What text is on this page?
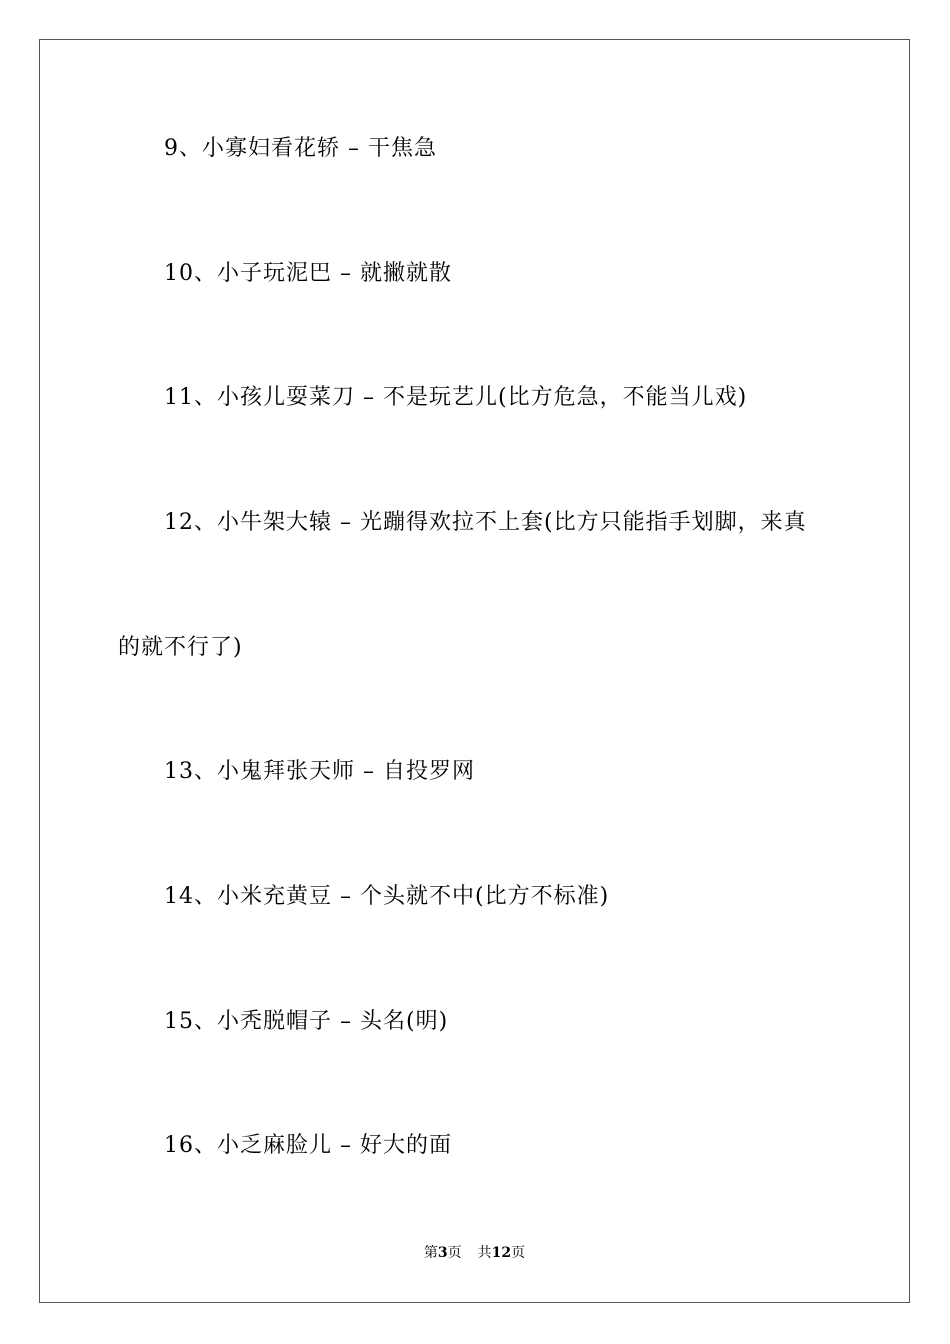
9、小寡妇看花轿 – 干焦急
10、小子玩泥巴 – 就撇就散
11、小孩儿耍菜刀 – 不是玩艺儿(比方危急，不能当儿戏)
12、小牛架大辕 – 光蹦得欢拉不上套(比方只能指手划脚，来真
的就不行了)
13、小鬼拜张天师 – 自投罗网
14、小米充黄豆 – 个头就不中(比方不标准)
15、小秃脱帽子 – 头名(明)
16、小乏麻脸儿 – 好大的面
第3页 共12页
